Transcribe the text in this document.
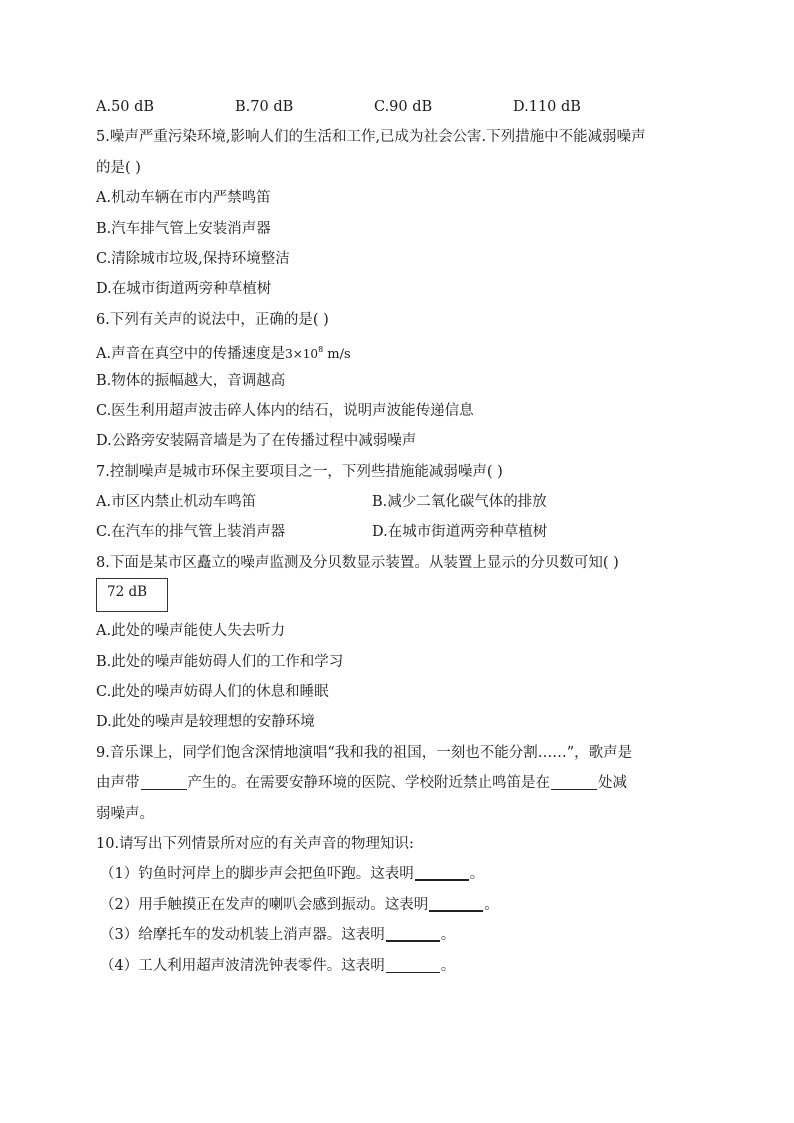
A.50 dB	B.70 dB	C.90 dB	D.110 dB
5.噪声严重污染环境,影响人们的生活和工作,已成为社会公害.下列措施中不能减弱噪声
的是( )
A.机动车辆在市内严禁鸣笛
B.汽车排气管上安装消声器
C.清除城市垃圾,保持环境整洁
D.在城市街道两旁种草植树
6.下列有关声的说法中，正确的是( )
A.声音在真空中的传播速度是$3\times 10^8$ m/s
B.物体的振幅越大，音调越高
C.医生利用超声波击碎人体内的结石，说明声波能传递信息
D.公路旁安装隔音墙是为了在传播过程中减弱噪声
7.控制噪声是城市环保主要项目之一，下列些措施能减弱噪声( )
A.市区内禁止机动车鸣笛	B.减少二氧化碳气体的排放
C.在汽车的排气管上装消声器	D.在城市街道两旁种草植树
8.下面是某市区矗立的噪声监测及分贝数显示装置。从装置上显示的分贝数可知( )
72 dB
A.此处的噪声能使人失去听力
B.此处的噪声能妨碍人们的工作和学习
C.此处的噪声妨碍人们的休息和睡眠
D.此处的噪声是较理想的安静环境
9.音乐课上，同学们饱含深情地演唱“我和我的祖国，一刻也不能分割……”，歌声是
由声带	产生的。在需要安静环境的医院、学校附近禁止鸣笛是在	处减
弱噪声。
10.请写出下列情景所对应的有关声音的物理知识:
（1）钓鱼时河岸上的脚步声会把鱼吓跑。这表明	。
（2）用手触摸正在发声的喇叭会感到振动。这表明	。
（3）给摩托车的发动机装上消声器。这表明	。
（4）工人利用超声波清洗钟表零件。这表明	。
